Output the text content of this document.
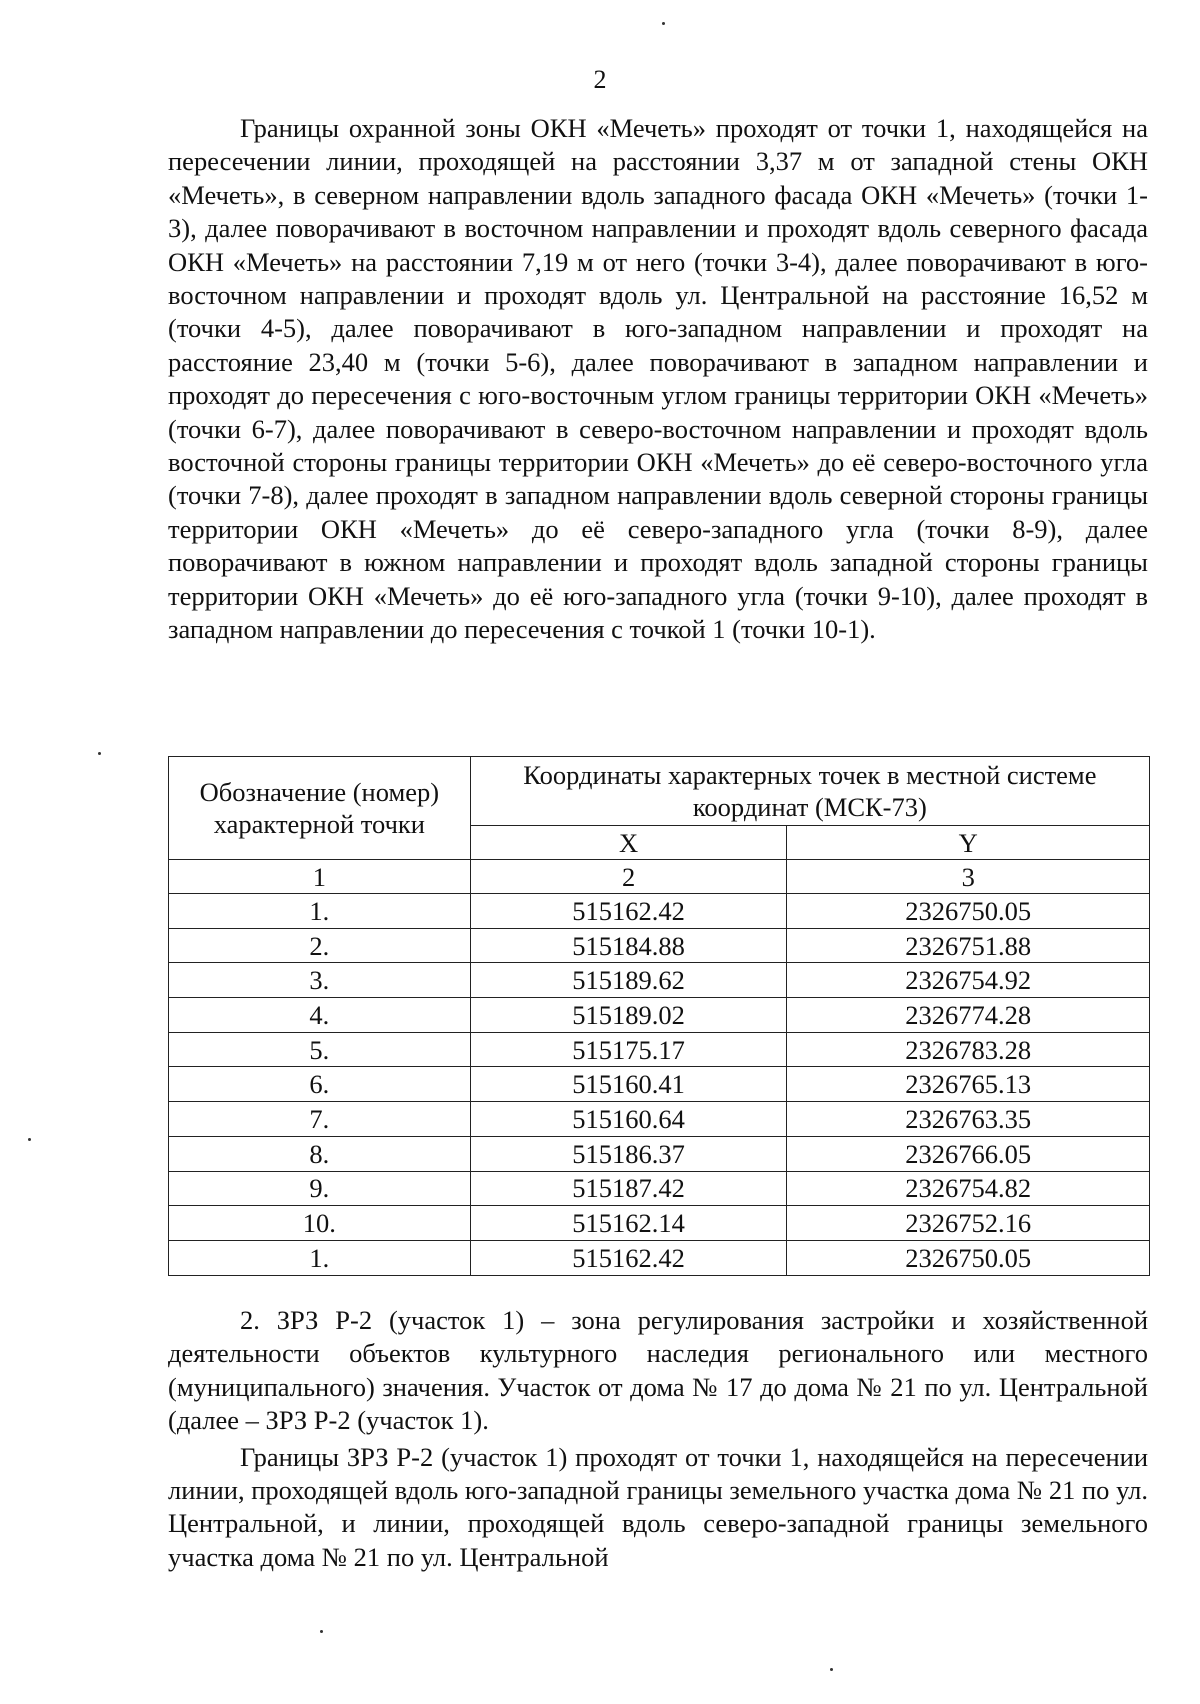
2

Границы охранной зоны ОКН «Мечеть» проходят от точки 1, находящейся на пересечении линии, проходящей на расстоянии 3,37 м от западной стены ОКН «Мечеть», в северном направлении вдоль западного фасада ОКН «Мечеть» (точки 1-3), далее поворачивают в восточном направлении и проходят вдоль северного фасада ОКН «Мечеть» на расстоянии 7,19 м от него (точки 3-4), далее поворачивают в юго-восточном направлении и проходят вдоль ул. Центральной на расстояние 16,52 м (точки 4-5), далее поворачивают в юго-западном направлении и проходят на расстояние 23,40 м (точки 5-6), далее поворачивают в западном направлении и проходят до пересечения с юго-восточным углом границы территории ОКН «Мечеть» (точки 6-7), далее поворачивают в северо-восточном направлении и проходят вдоль восточной стороны границы территории ОКН «Мечеть» до её северо-восточного угла (точки 7-8), далее проходят в западном направлении вдоль северной стороны границы территории ОКН «Мечеть» до её северо-западного угла (точки 8-9), далее поворачивают в южном направлении и проходят вдоль западной стороны границы территории ОКН «Мечеть» до её юго-западного угла (точки 9-10), далее проходят в западном направлении до пересечения с точкой 1 (точки 10-1).

Обозначение (номер) характерной точки	Координаты характерных точек в местной системе координат (МСК-73)	
	X	Y
1	2	3
1.	515162.42	2326750.05
2.	515184.88	2326751.88
3.	515189.62	2326754.92
4.	515189.02	2326774.28
5.	515175.17	2326783.28
6.	515160.41	2326765.13
7.	515160.64	2326763.35
8.	515186.37	2326766.05
9.	515187.42	2326754.82
10.	515162.14	2326752.16
1.	515162.42	2326750.05

2. ЗРЗ Р-2 (участок 1) – зона регулирования застройки и хозяйственной деятельности объектов культурного наследия регионального или местного (муниципального) значения. Участок от дома № 17 до дома № 21 по ул. Центральной (далее – ЗРЗ Р-2 (участок 1).

Границы ЗРЗ Р-2 (участок 1) проходят от точки 1, находящейся на пересечении линии, проходящей вдоль юго-западной границы земельного участка дома № 21 по ул. Центральной, и линии, проходящей вдоль северо-западной границы земельного участка дома № 21 по ул. Центральной
